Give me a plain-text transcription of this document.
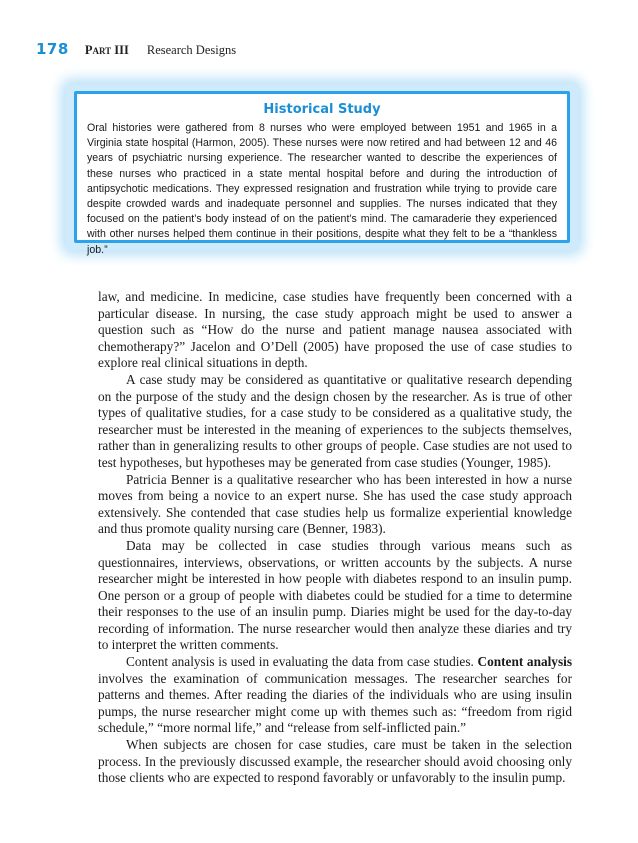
178 Part III Research Designs
Historical Study

Oral histories were gathered from 8 nurses who were employed between 1951 and 1965 in a Virginia state hospital (Harmon, 2005). These nurses were now retired and had between 12 and 46 years of psychiatric nursing experience. The researcher wanted to describe the experiences of these nurses who practiced in a state mental hospital before and during the introduction of antipsychotic medications. They expressed resignation and frustration while trying to provide care despite crowded wards and inadequate personnel and supplies. The nurses indicated that they focused on the patient’s body instead of on the patient’s mind. The camaraderie they experienced with other nurses helped them continue in their positions, despite what they felt to be a “thankless job.”

law, and medicine. In medicine, case studies have frequently been concerned with a particular disease. In nursing, the case study approach might be used to answer a question such as “How do the nurse and patient manage nausea associated with chemotherapy?” Jacelon and O’Dell (2005) have proposed the use of case studies to explore real clinical situations in depth.

A case study may be considered as quantitative or qualitative research depending on the purpose of the study and the design chosen by the researcher. As is true of other types of qualitative studies, for a case study to be considered as a qualitative study, the researcher must be interested in the meaning of experiences to the subjects themselves, rather than in generalizing results to other groups of people. Case studies are not used to test hypotheses, but hypotheses may be generated from case studies (Younger, 1985).

Patricia Benner is a qualitative researcher who has been interested in how a nurse moves from being a novice to an expert nurse. She has used the case study approach extensively. She contended that case studies help us formalize experiential knowledge and thus promote quality nursing care (Benner, 1983).

Data may be collected in case studies through various means such as questionnaires, interviews, observations, or written accounts by the subjects. A nurse researcher might be interested in how people with diabetes respond to an insulin pump. One person or a group of people with diabetes could be studied for a time to determine their responses to the use of an insulin pump. Diaries might be used for the day-to-day recording of information. The nurse researcher would then analyze these diaries and try to interpret the written comments.

Content analysis is used in evaluating the data from case studies. Content analysis involves the examination of communication messages. The researcher searches for patterns and themes. After reading the diaries of the individuals who are using insulin pumps, the nurse researcher might come up with themes such as: “freedom from rigid schedule,” “more normal life,” and “release from self-inflicted pain.”

When subjects are chosen for case studies, care must be taken in the selection process. In the previously discussed example, the researcher should avoid choosing only those clients who are expected to respond favorably or unfavorably to the insulin pump.
